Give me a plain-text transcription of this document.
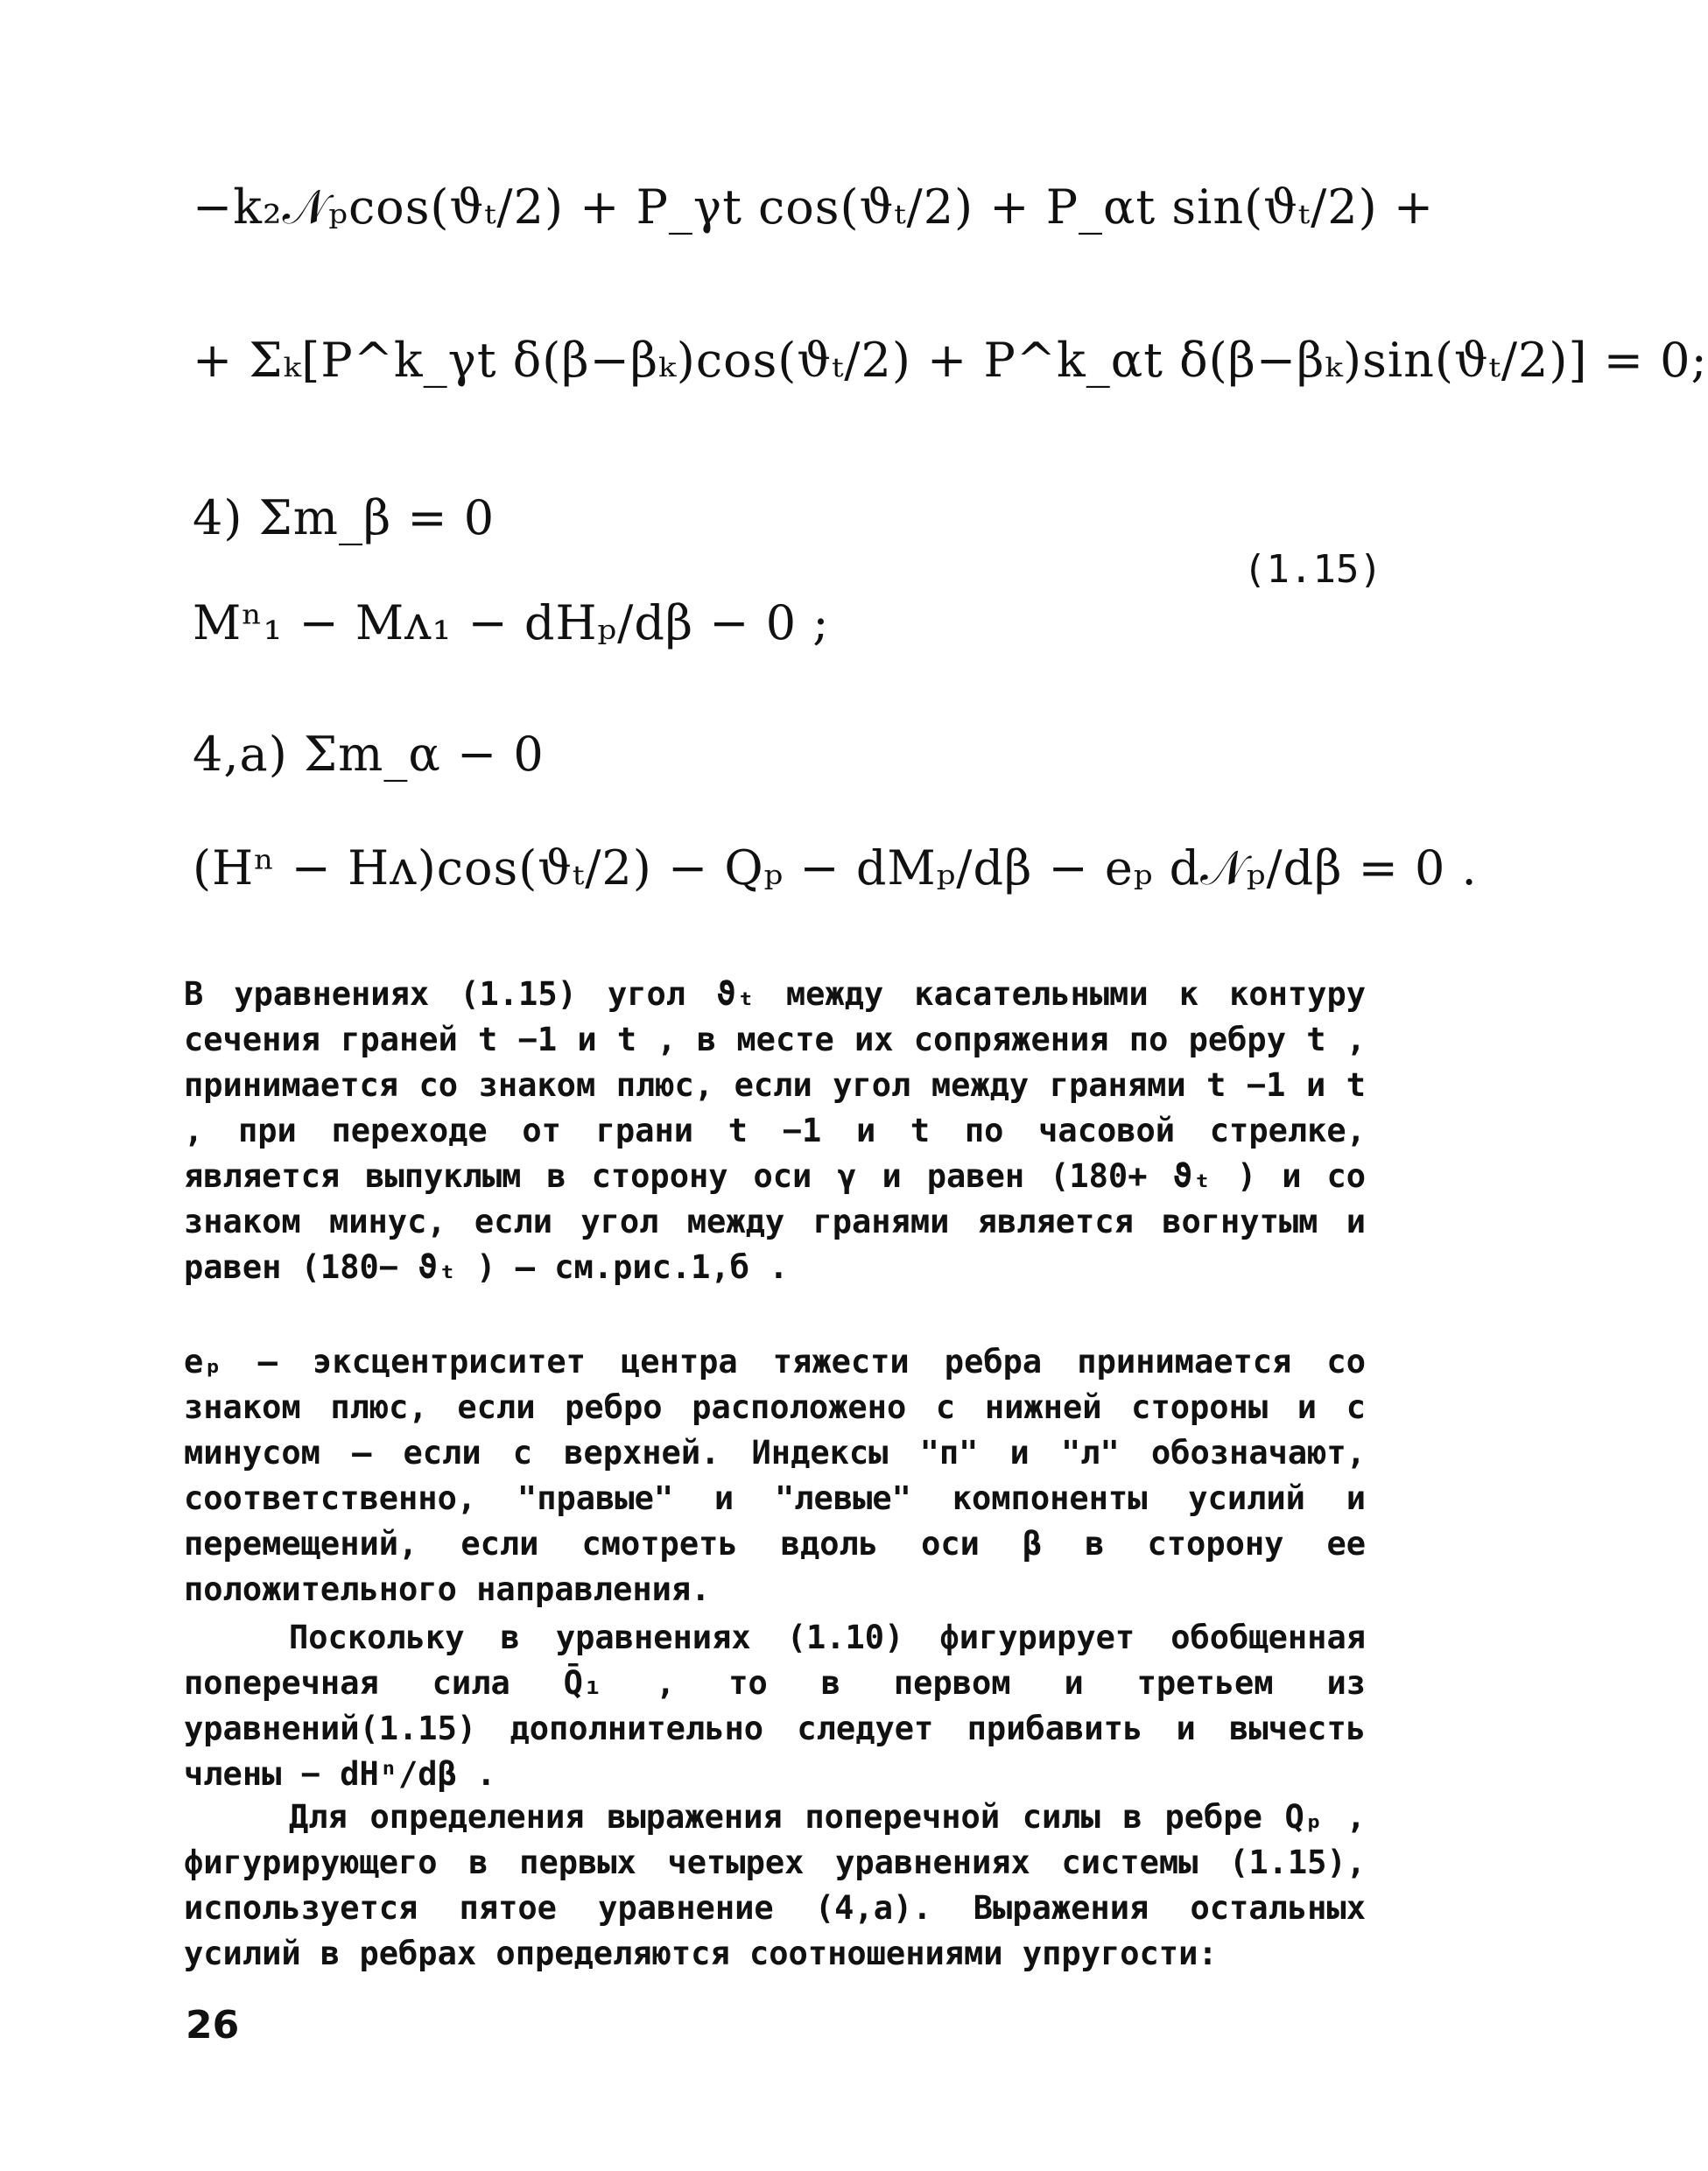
−k₂𝒩ₚcos(ϑₜ/2) + P_γt cos(ϑₜ/2) + P_αt sin(ϑₜ/2) +
+ Σₖ[P^k_γt δ(β−βₖ)cos(ϑₜ/2) + P^k_αt δ(β−βₖ)sin(ϑₜ/2)] = 0;
4) Σm_β = 0
Mⁿ₁ − Mᴧ₁ − dHₚ/dβ − 0 ;
(1.15)
4,а) Σm_α − 0
(Hⁿ − Hᴧ)cos(ϑₜ/2) − Qₚ − dMₚ/dβ − eₚ d𝒩ₚ/dβ = 0 .
В уравнениях (1.15) угол ϑₜ между касательными к контуру сечения граней t −1 и t , в месте их сопряжения по ребру t , принимается со знаком плюс, если угол между гранями t −1 и t , при переходе от грани t −1 и t по часовой стрелке, является выпуклым в сторону оси γ и равен (180+ ϑₜ ) и со знаком минус, если угол между гранями является вогнутым и равен (180− ϑₜ ) – см.рис.1,б .
eₚ – эксцентриситет центра тяжести ребра принимается со знаком плюс, если ребро расположено с нижней стороны и с минусом – если с верхней. Индексы "п" и "л" обозначают, соответственно, "правые" и "левые" компоненты усилий и перемещений, если смотреть вдоль оси β в сторону ее положительного направления.
Поскольку в уравнениях (1.10) фигурирует обобщенная поперечная сила Q̄₁ , то в первом и третьем из уравнений(1.15) дополнительно следует прибавить и вычесть члены − dHⁿ/dβ .
Для определения выражения поперечной силы в ребре Qₚ , фигурирующего в первых четырех уравнениях системы (1.15), используется пятое уравнение (4,а). Выражения остальных усилий в ребрах определяются соотношениями упругости:
26
